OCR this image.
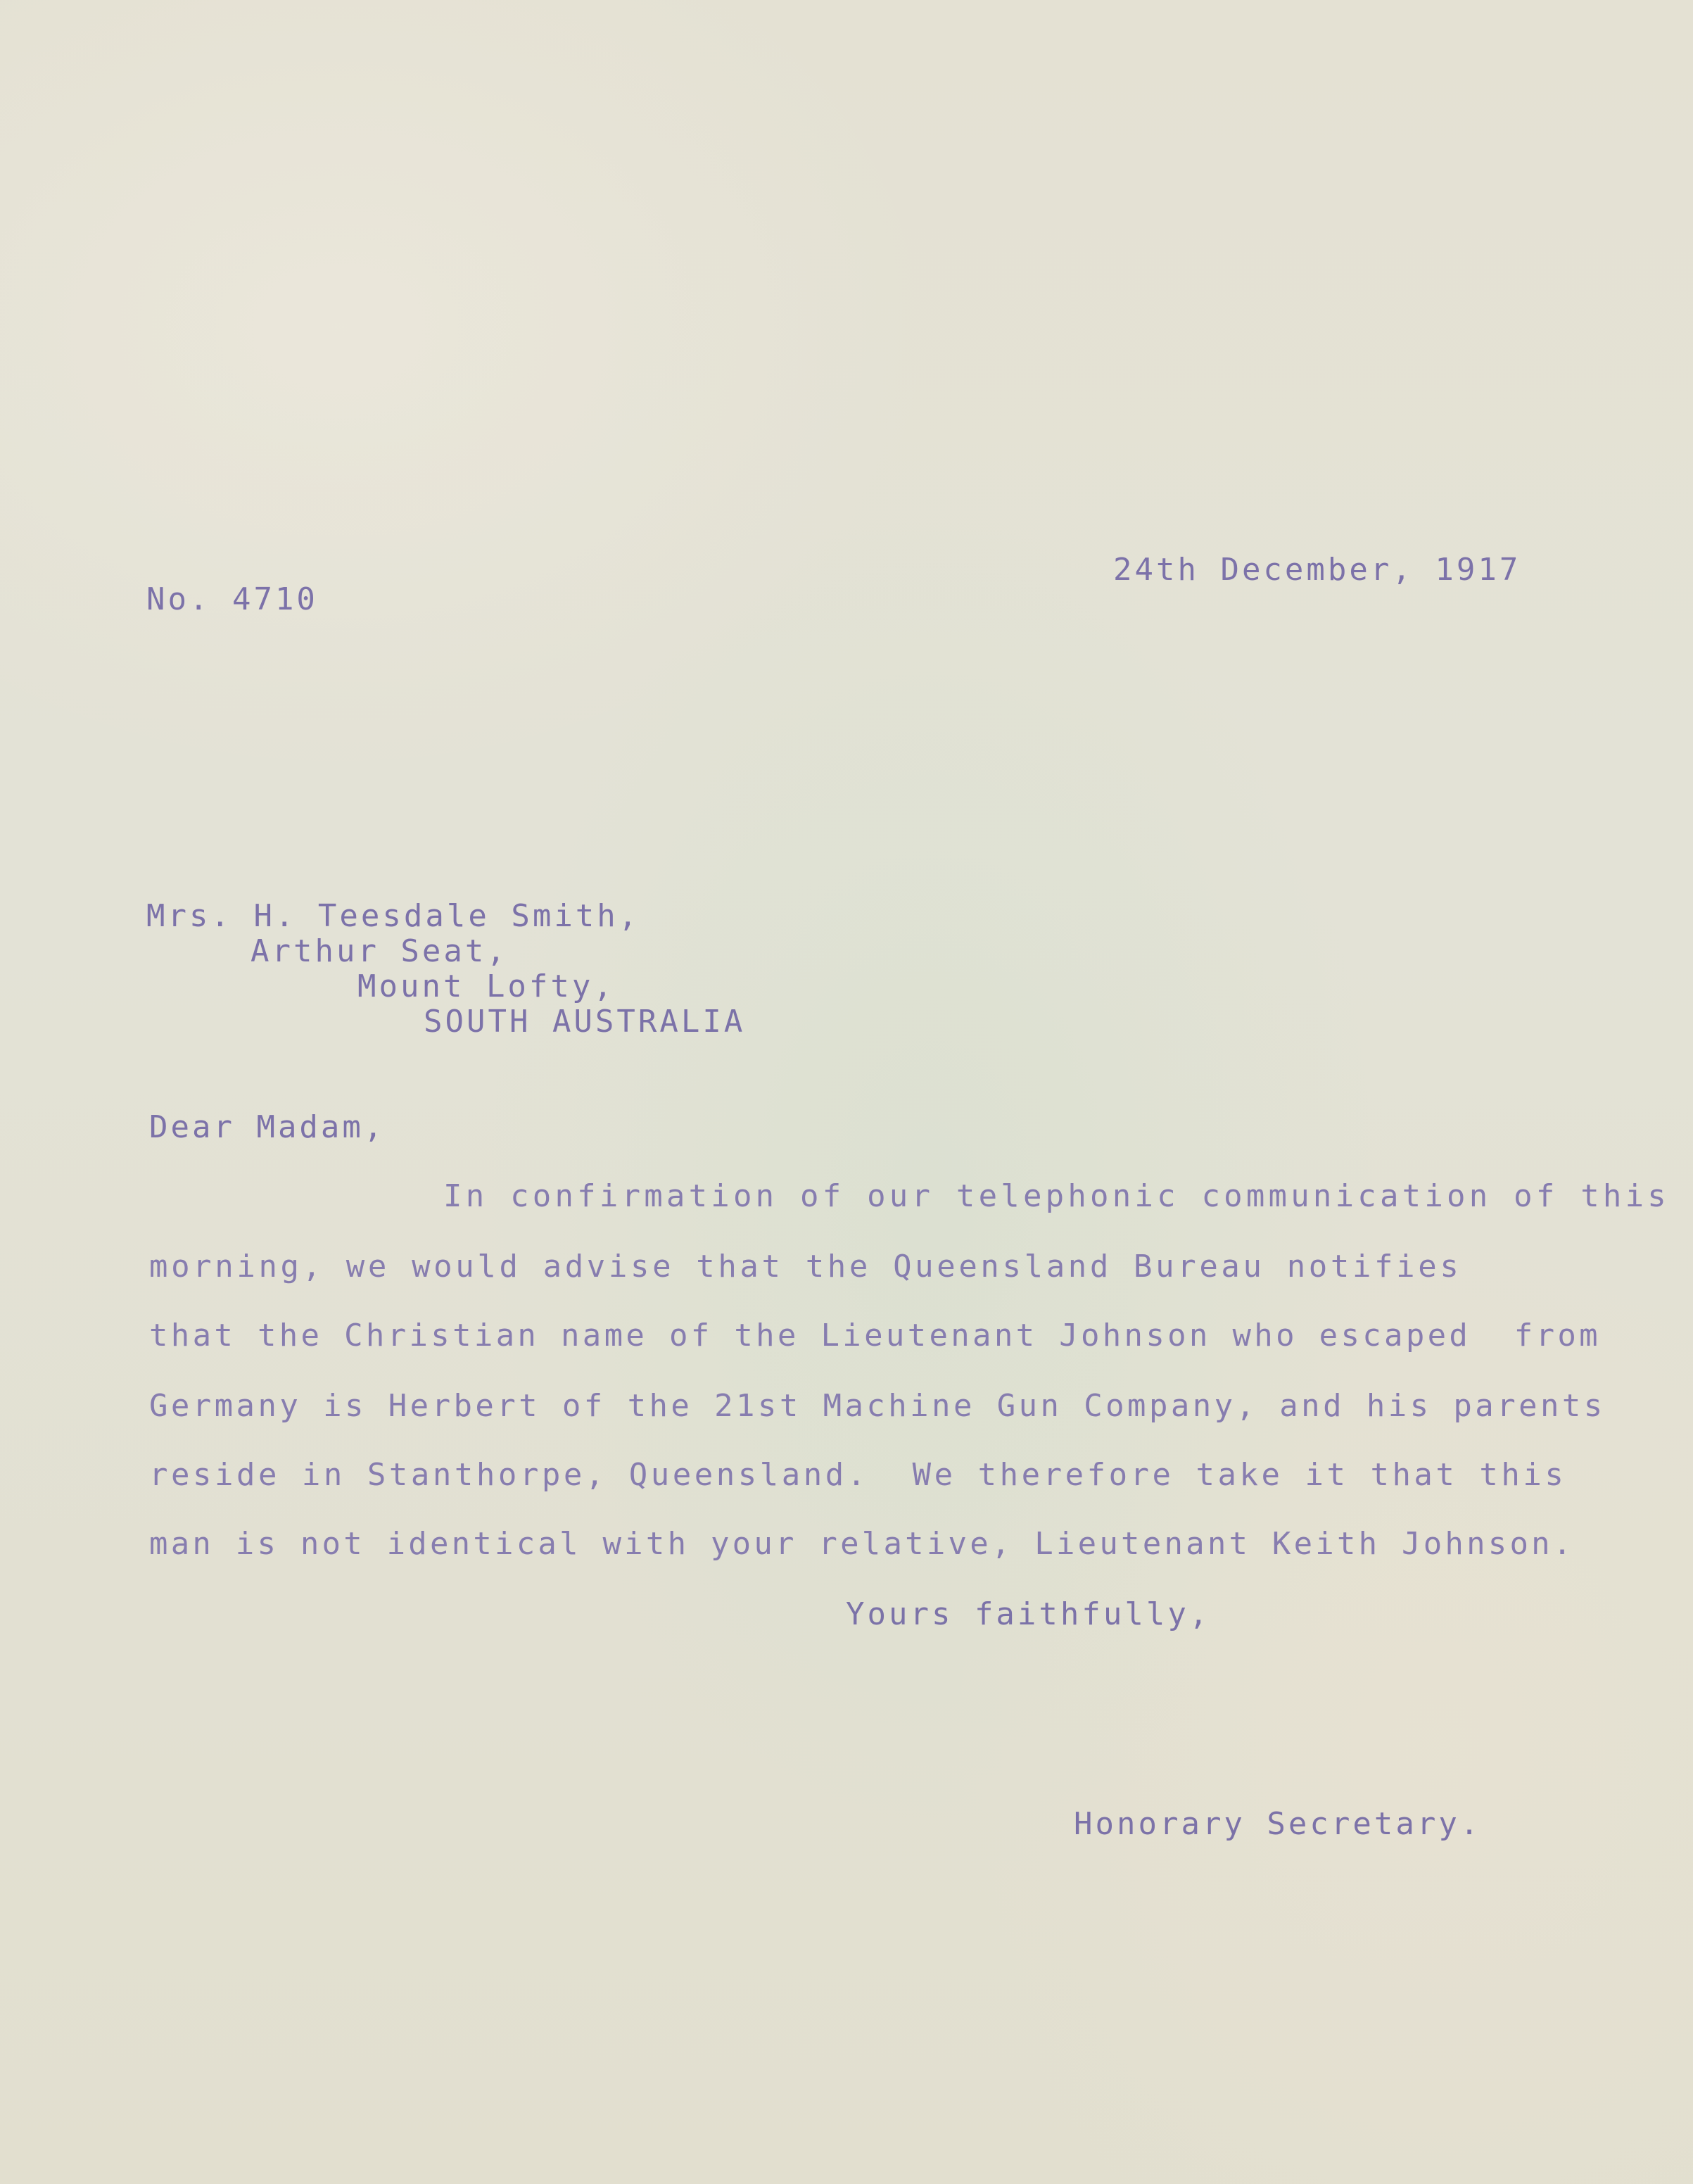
24th December, 1917
No. 4710
Mrs. H. Teesdale Smith,
Arthur Seat,
Mount Lofty,
SOUTH AUSTRALIA
Dear Madam,
In confirmation of our telephonic communication of this
morning, we would advise that the Queensland Bureau notifies
that the Christian name of the Lieutenant Johnson who escaped  from
Germany is Herbert of the 21st Machine Gun Company, and his parents
reside in Stanthorpe, Queensland.  We therefore take it that this
man is not identical with your relative, Lieutenant Keith Johnson.
Yours faithfully,
Honorary Secretary.
